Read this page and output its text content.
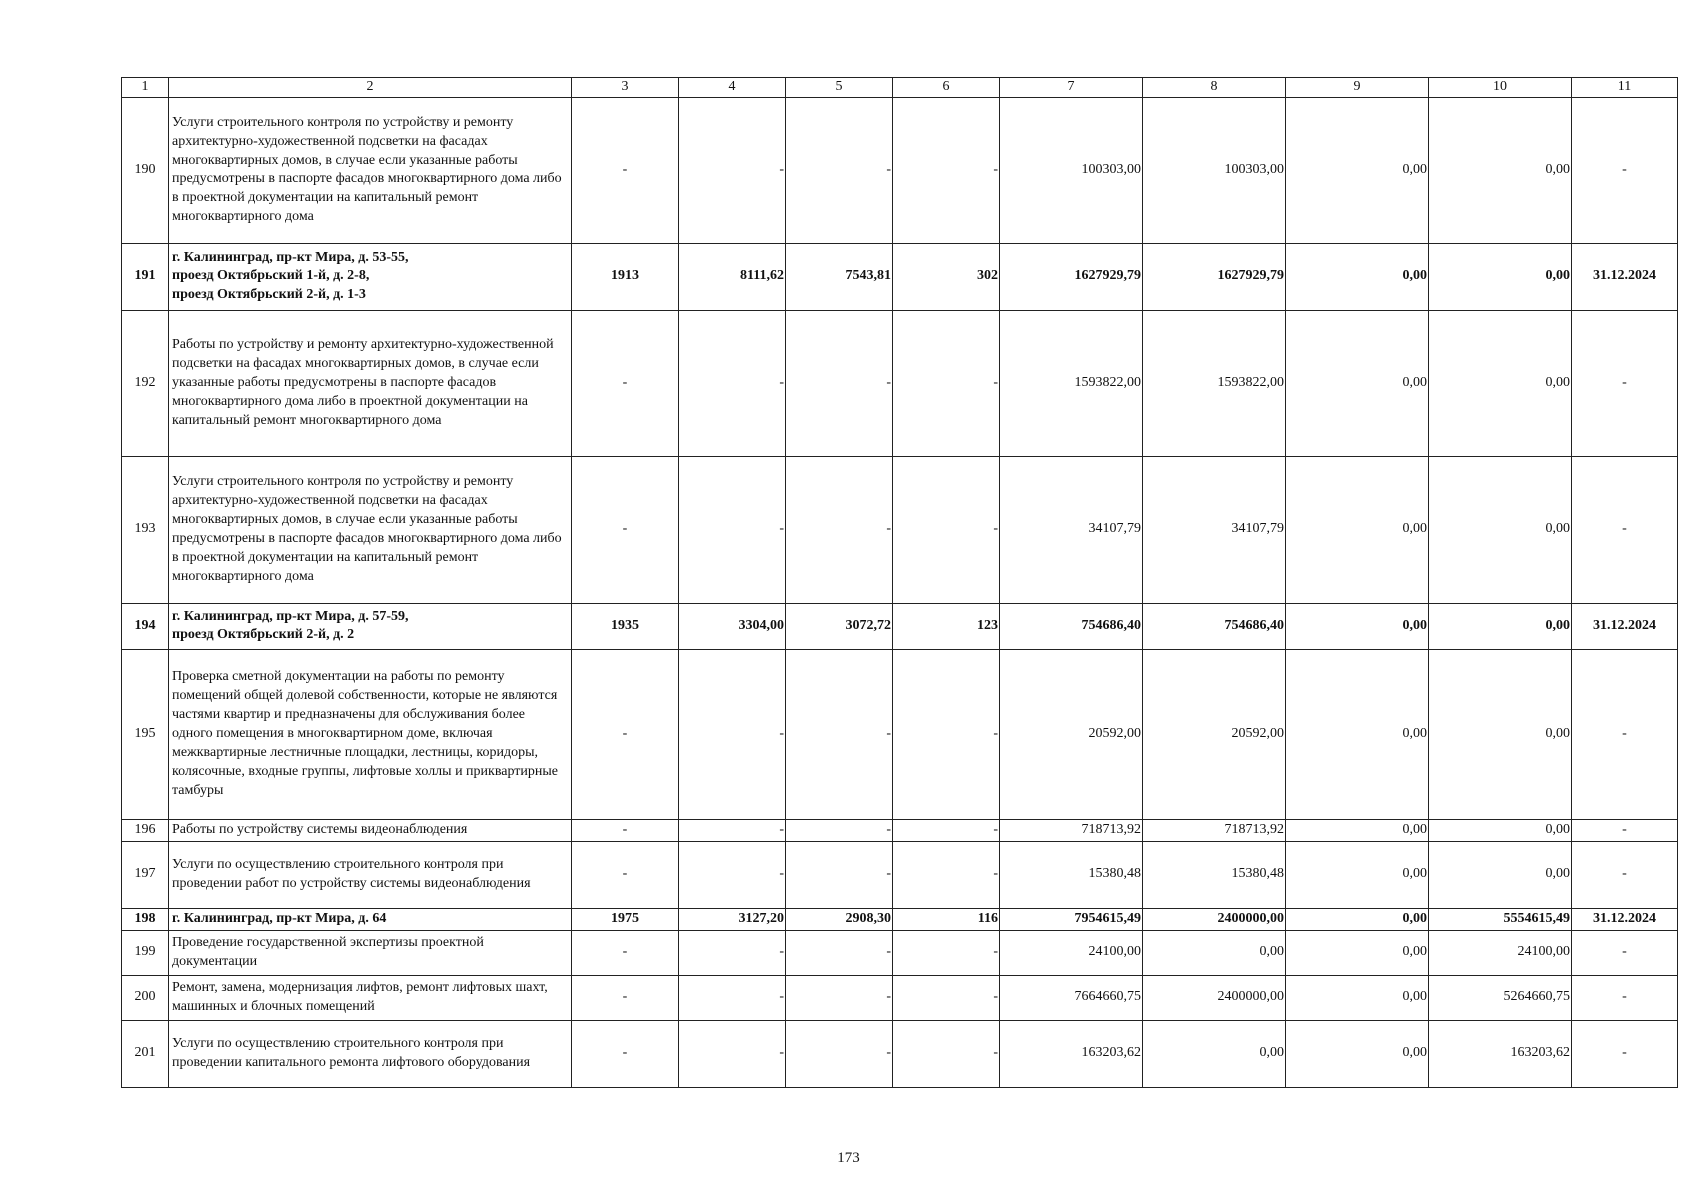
1	2	3	4	5	6	7	8	9	10	11
190	Услуги строительного контроля по устройству и ремонту архитектурно-художественной подсветки на фасадах многоквартирных домов, в случае если указанные работы предусмотрены в паспорте фасадов многоквартирного дома либо в проектной документации на капитальный ремонт многоквартирного дома	-	-	-	-	100303,00	100303,00	0,00	0,00	-
191	г. Калининград, пр-кт Мира, д. 53-55,
проезд Октябрьский 1-й, д. 2-8,
проезд Октябрьский 2-й, д. 1-3	1913	8111,62	7543,81	302	1627929,79	1627929,79	0,00	0,00	31.12.2024
192	Работы по устройству и ремонту архитектурно-художественной подсветки на фасадах многоквартирных домов, в случае если указанные работы предусмотрены в паспорте фасадов многоквартирного дома либо в проектной документации на капитальный ремонт многоквартирного дома	-	-	-	-	1593822,00	1593822,00	0,00	0,00	-
193	Услуги строительного контроля по устройству и ремонту архитектурно-художественной подсветки на фасадах многоквартирных домов, в случае если указанные работы предусмотрены в паспорте фасадов многоквартирного дома либо в проектной документации на капитальный ремонт многоквартирного дома	-	-	-	-	34107,79	34107,79	0,00	0,00	-
194	г. Калининград, пр-кт Мира, д. 57-59,
проезд Октябрьский 2-й, д. 2	1935	3304,00	3072,72	123	754686,40	754686,40	0,00	0,00	31.12.2024
195	Проверка сметной документации на работы по ремонту помещений общей долевой собственности, которые не являются частями квартир и предназначены для обслуживания более одного помещения в многоквартирном доме, включая межквартирные лестничные площадки, лестницы, коридоры, колясочные, входные группы, лифтовые холлы и приквартирные тамбуры	-	-	-	-	20592,00	20592,00	0,00	0,00	-
196	Работы по устройству системы видеонаблюдения	-	-	-	-	718713,92	718713,92	0,00	0,00	-
197	Услуги по осуществлению строительного контроля при проведении работ по устройству системы видеонаблюдения	-	-	-	-	15380,48	15380,48	0,00	0,00	-
198	г. Калининград, пр-кт Мира, д. 64	1975	3127,20	2908,30	116	7954615,49	2400000,00	0,00	5554615,49	31.12.2024
199	Проведение государственной экспертизы проектной документации	-	-	-	-	24100,00	0,00	0,00	24100,00	-
200	Ремонт, замена, модернизация лифтов, ремонт лифтовых шахт, машинных и блочных помещений	-	-	-	-	7664660,75	2400000,00	0,00	5264660,75	-
201	Услуги по осуществлению строительного контроля при проведении капитального ремонта лифтового оборудования	-	-	-	-	163203,62	0,00	0,00	163203,62	-
173
